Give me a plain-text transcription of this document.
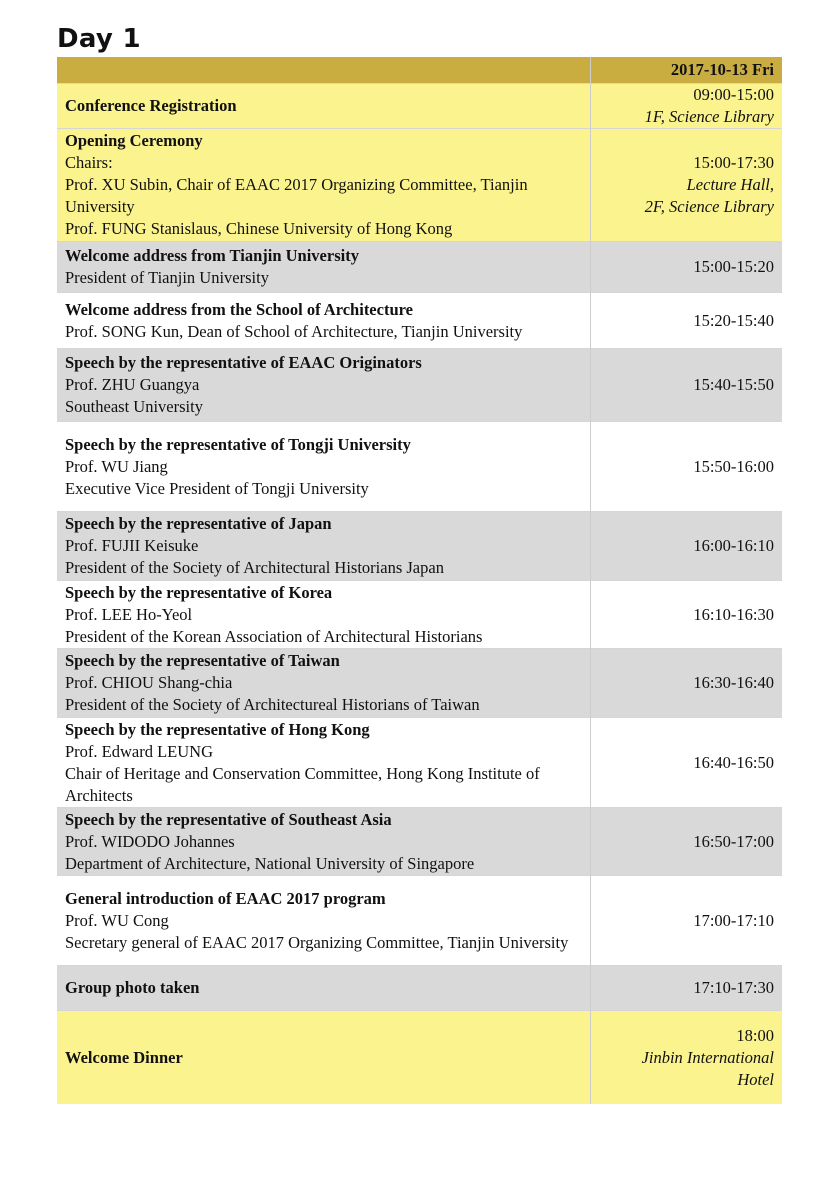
Day 1
	2017-10-13 Fri

Conference Registration	09:00-15:00
1F, Science Library

Opening Ceremony
Chairs:
Prof. XU Subin, Chair of EAAC 2017 Organizing Committee, Tianjin University
Prof. FUNG Stanislaus, Chinese University of Hong Kong	15:00-17:30
Lecture Hall,
2F, Science Library

Welcome address from Tianjin University
President of Tianjin University	15:00-15:20

Welcome address from the School of Architecture
Prof. SONG Kun, Dean of School of Architecture, Tianjin University	15:20-15:40

Speech by the representative of EAAC Originators
Prof. ZHU Guangya
Southeast University	15:40-15:50

Speech by the representative of Tongji University
Prof. WU Jiang
Executive Vice President of Tongji University	15:50-16:00

Speech by the representative of Japan
Prof. FUJII Keisuke
President of the Society of Architectural Historians Japan	16:00-16:10

Speech by the representative of Korea
Prof. LEE Ho-Yeol
President of the Korean Association of Architectural Historians	16:10-16:30

Speech by the representative of Taiwan
Prof. CHIOU Shang-chia
President of the Society of Architectureal Historians of Taiwan	16:30-16:40

Speech by the representative of Hong Kong
Prof. Edward LEUNG
Chair of Heritage and Conservation Committee, Hong Kong Institute of Architects	16:40-16:50

Speech by the representative of Southeast Asia
Prof. WIDODO Johannes
Department of Architecture, National University of Singapore	16:50-17:00

General introduction of EAAC 2017 program
Prof. WU Cong
Secretary general of EAAC 2017 Organizing Committee, Tianjin University	17:00-17:10

Group photo taken	17:10-17:30

Welcome Dinner	18:00
Jinbin International
Hotel
